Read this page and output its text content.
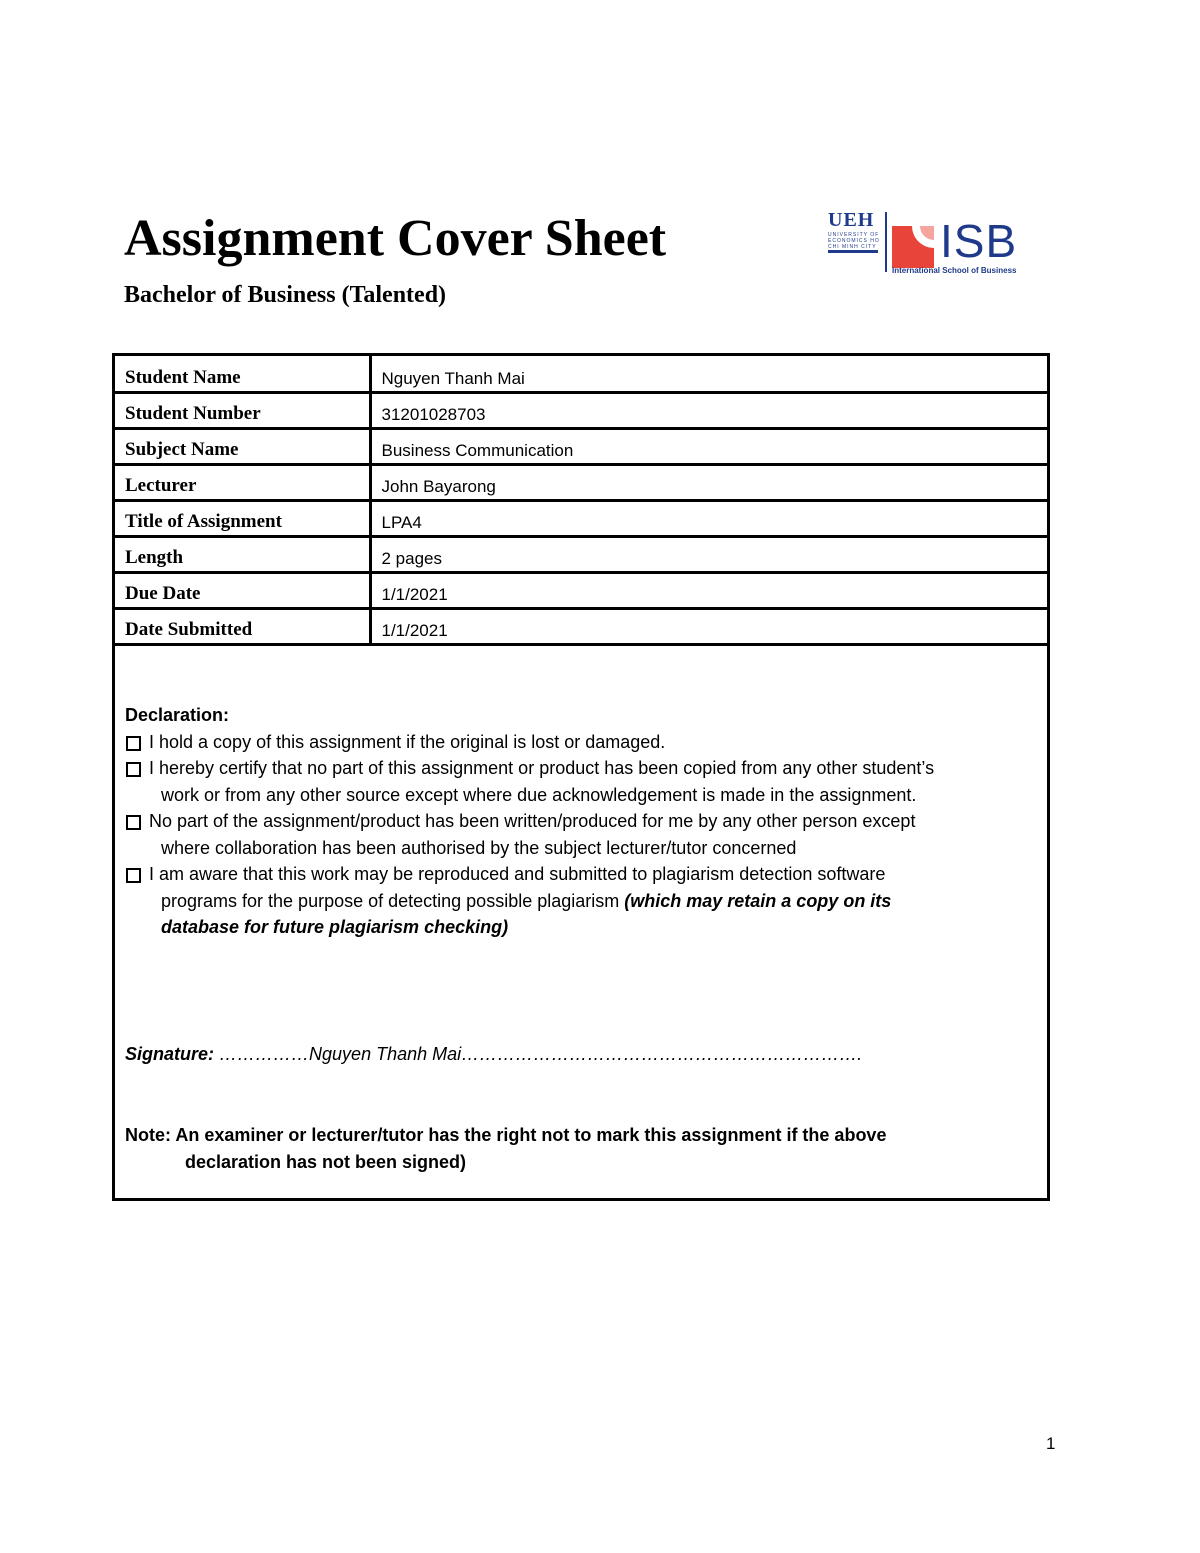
Assignment Cover Sheet
Bachelor of Business (Talented)
UEH
UNIVERSITY OF ECONOMICS HO CHI MINH CITY ISB
International School of Business
Student Name	Nguyen Thanh Mai
Student Number	31201028703
Subject Name	Business Communication
Lecturer	John Bayarong
Title of Assignment	LPA4
Length	2 pages
Due Date	1/1/2021
Date Submitted	1/1/2021
Declaration:
I hold a copy of this assignment if the original is lost or damaged.
I hereby certify that no part of this assignment or product has been copied from any other student’s
work or from any other source except where due acknowledgement is made in the assignment.
No part of the assignment/product has been written/produced for me by any other person except
where collaboration has been authorised by the subject lecturer/tutor concerned
I am aware that this work may be reproduced and submitted to plagiarism detection software
programs for the purpose of detecting possible plagiarism (which may retain a copy on its
database for future plagiarism checking)
Signature: ……………Nguyen Thanh Mai………………………………………………………….
Note: An examiner or lecturer/tutor has the right not to mark this assignment if the above
declaration has not been signed)
1
